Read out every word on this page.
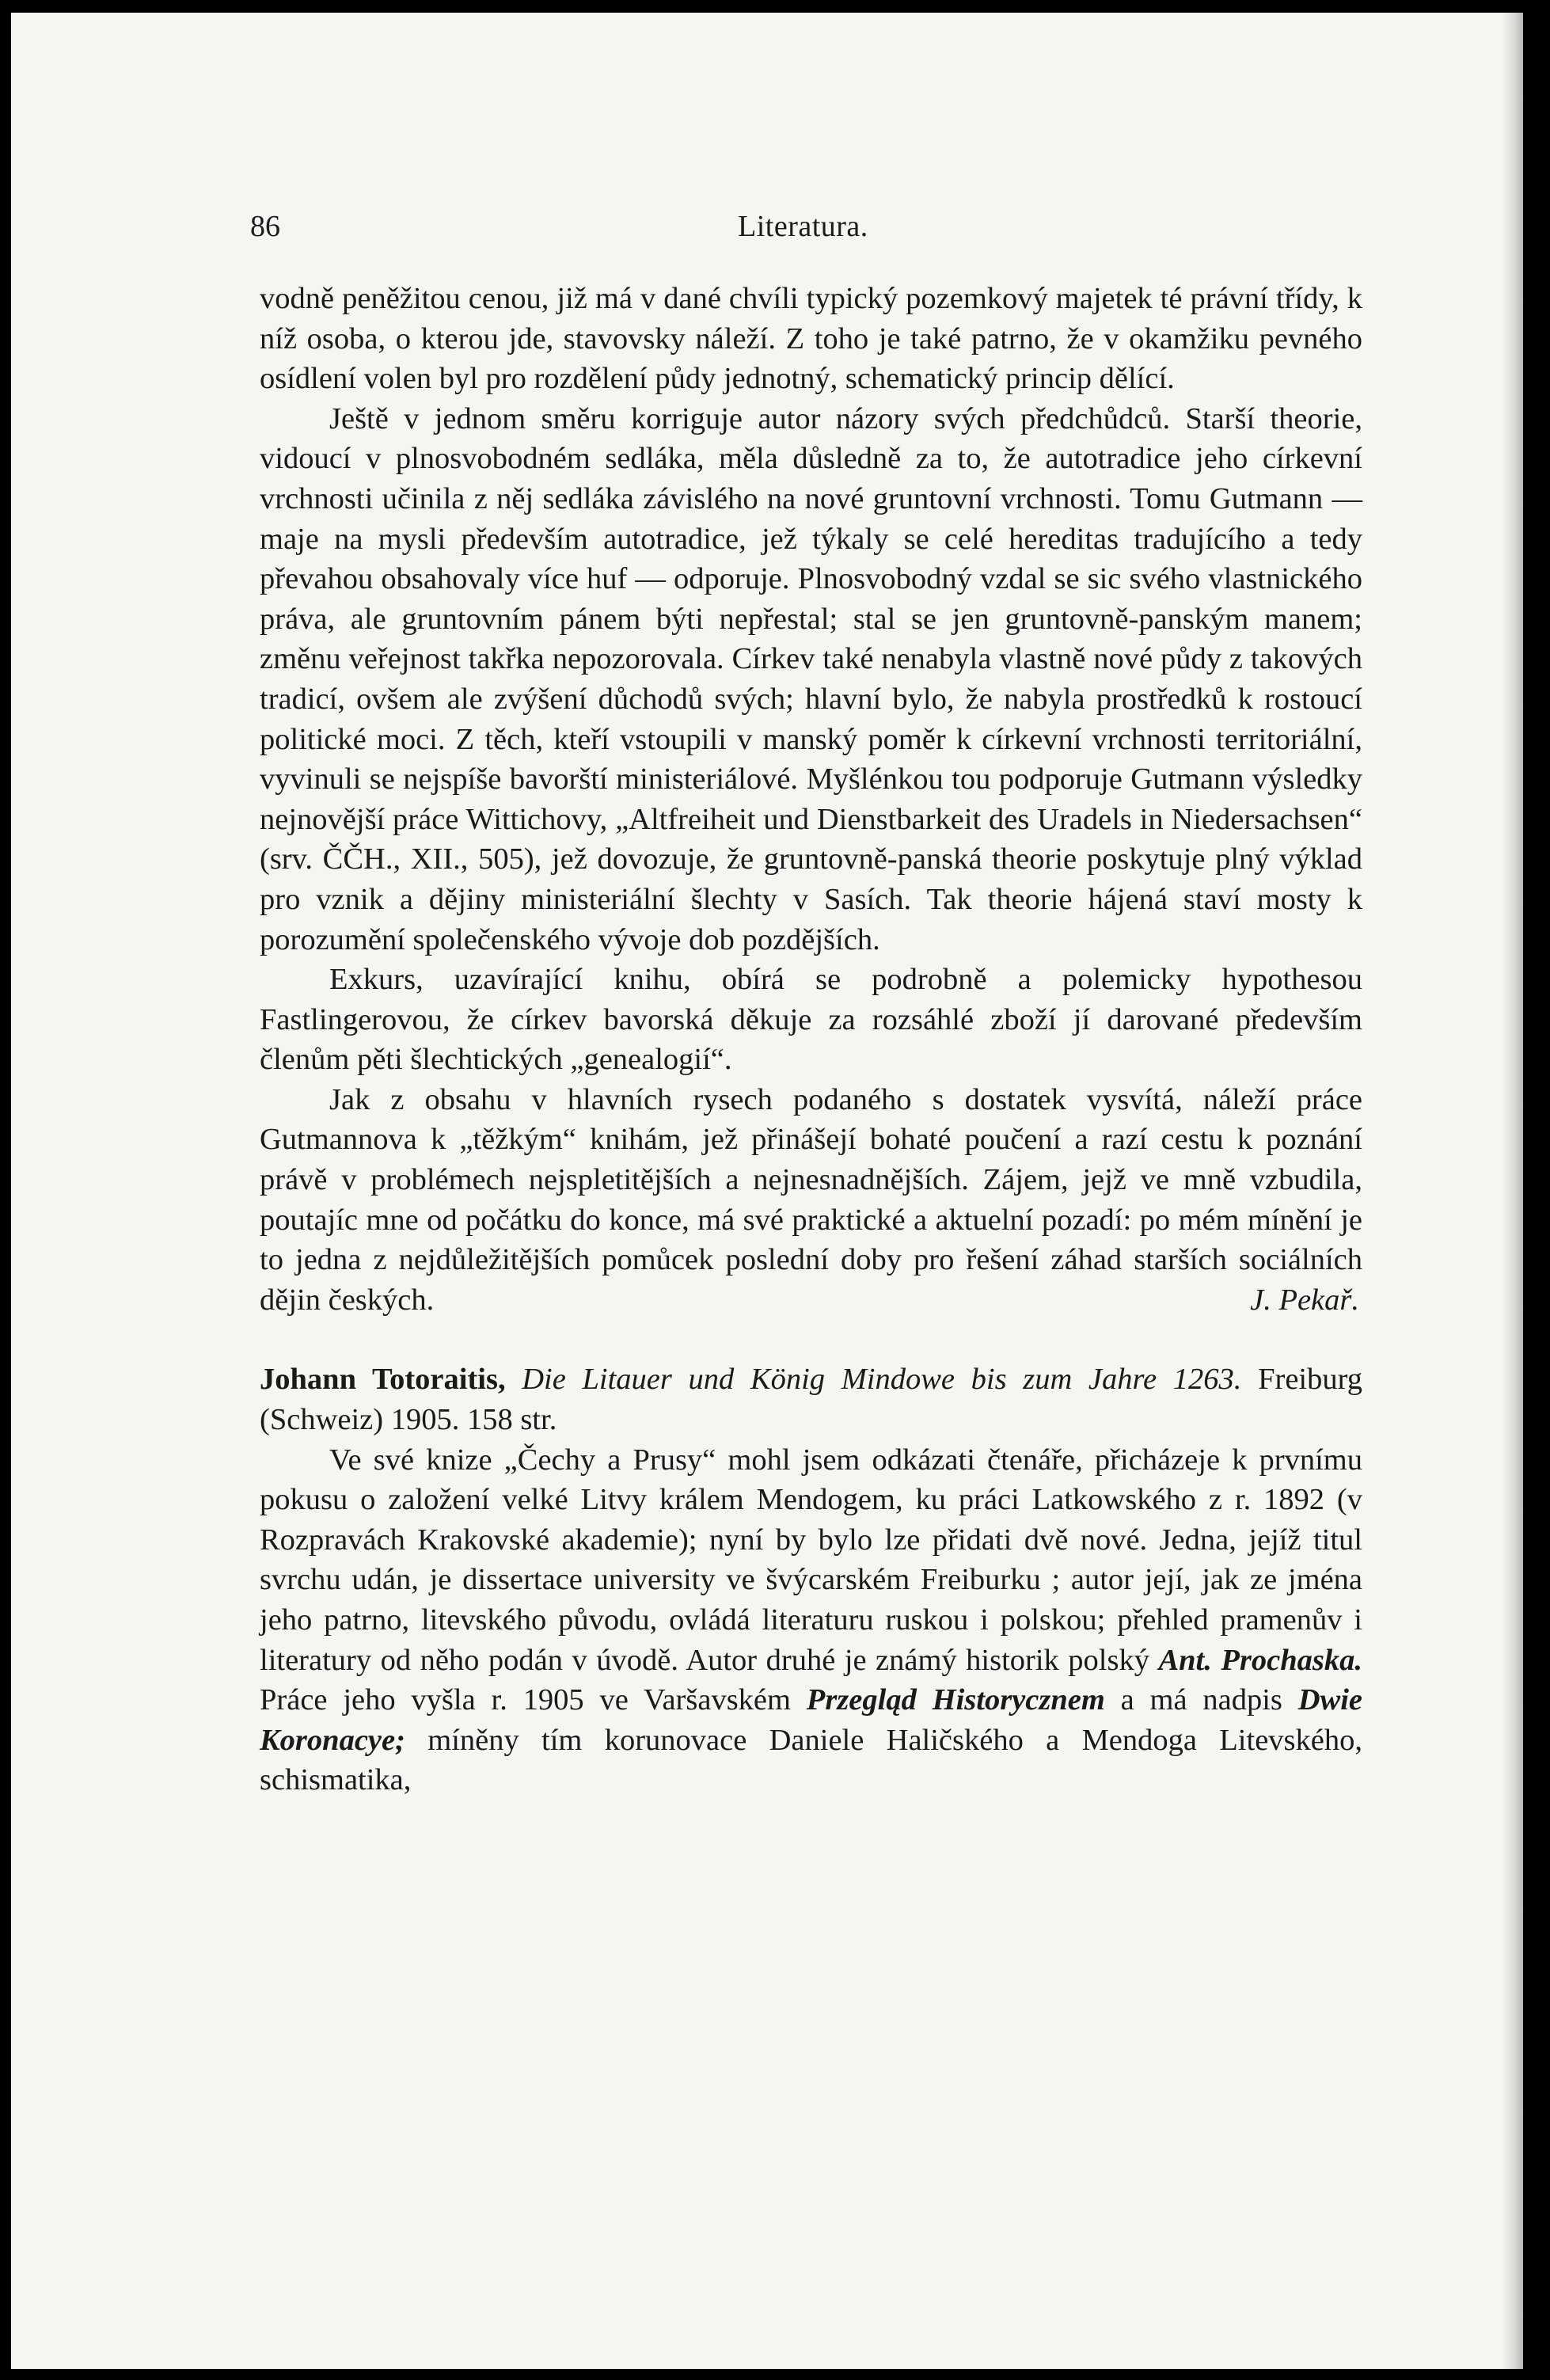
86	Literatura.

vodně peněžitou cenou, již má v dané chvíli typický pozemkový majetek té právní třídy, k níž osoba, o kterou jde, stavovsky náleží. Z toho je také patrno, že v okamžiku pevného osídlení volen byl pro rozdělení půdy jednotný, schematický princip dělící.

Ještě v jednom směru korriguje autor názory svých předchůdců. Starší theorie, vidoucí v plnosvobodném sedláka, měla důsledně za to, že autotradice jeho církevní vrchnosti učinila z něj sedláka závislého na nové gruntovní vrchnosti. Tomu Gutmann — maje na mysli především autotradice, jež týkaly se celé hereditas tradujícího a tedy převahou obsahovaly více huf — odporuje. Plnosvobodný vzdal se sic svého vlastnického práva, ale gruntovním pánem býti nepřestal; stal se jen gruntovně-panským manem; změnu veřejnost takřka nepozorovala. Církev také nenabyla vlastně nové půdy z takových tradicí, ovšem ale zvýšení důchodů svých; hlavní bylo, že nabyla prostředků k rostoucí politické moci. Z těch, kteří vstoupili v manský poměr k církevní vrchnosti territoriální, vyvinuli se nejspíše bavorští ministeriálové. Myšlénkou tou podporuje Gutmann výsledky nejnovější práce Wittichovy, „Altfreiheit und Dienstbarkeit des Uradels in Niedersachsen“ (srv. ČČH., XII., 505), jež dovozuje, že gruntovně-panská theorie poskytuje plný výklad pro vznik a dějiny ministeriální šlechty v Sasích. Tak theorie hájená staví mosty k porozumění společenského vývoje dob pozdějších.

Exkurs, uzavírající knihu, obírá se podrobně a polemicky hypothesou Fastlingerovou, že církev bavorská děkuje za rozsáhlé zboží jí darované především členům pěti šlechtických „genealogií“.

Jak z obsahu v hlavních rysech podaného s dostatek vysvítá, náleží práce Gutmannova k „těžkým“ knihám, jež přinášejí bohaté poučení a razí cestu k poznání právě v problémech nejspletitějších a nejnesnadnějších. Zájem, jejž ve mně vzbudila, poutajíc mne od počátku do konce, má své praktické a aktuelní pozadí: po mém mínění je to jedna z nejdůležitějších pomůcek poslední doby pro řešení záhad starších sociálních dějin českých.	J. Pekař.

Johann Totoraitis, Die Litauer und König Mindowe bis zum Jahre 1263. Freiburg (Schweiz) 1905. 158 str.

Ve své knize „Čechy a Prusy“ mohl jsem odkázati čtenáře, přicházeje k prvnímu pokusu o založení velké Litvy králem Mendogem, ku práci Latkowského z r. 1892 (v Rozpravách Krakovské akademie); nyní by bylo lze přidati dvě nové. Jedna, jejíž titul svrchu udán, je dissertace university ve švýcarském Freiburku ; autor její, jak ze jména jeho patrno, litevského původu, ovládá literaturu ruskou i polskou; přehled pramenův i literatury od něho podán v úvodě. Autor druhé je známý historik polský Ant. Prochaska. Práce jeho vyšla r. 1905 ve Varšavském Przegląd Historycznem a má nadpis Dwie Koronacye; míněny tím korunovace Daniele Haličského a Mendoga Litevského, schismatika,
